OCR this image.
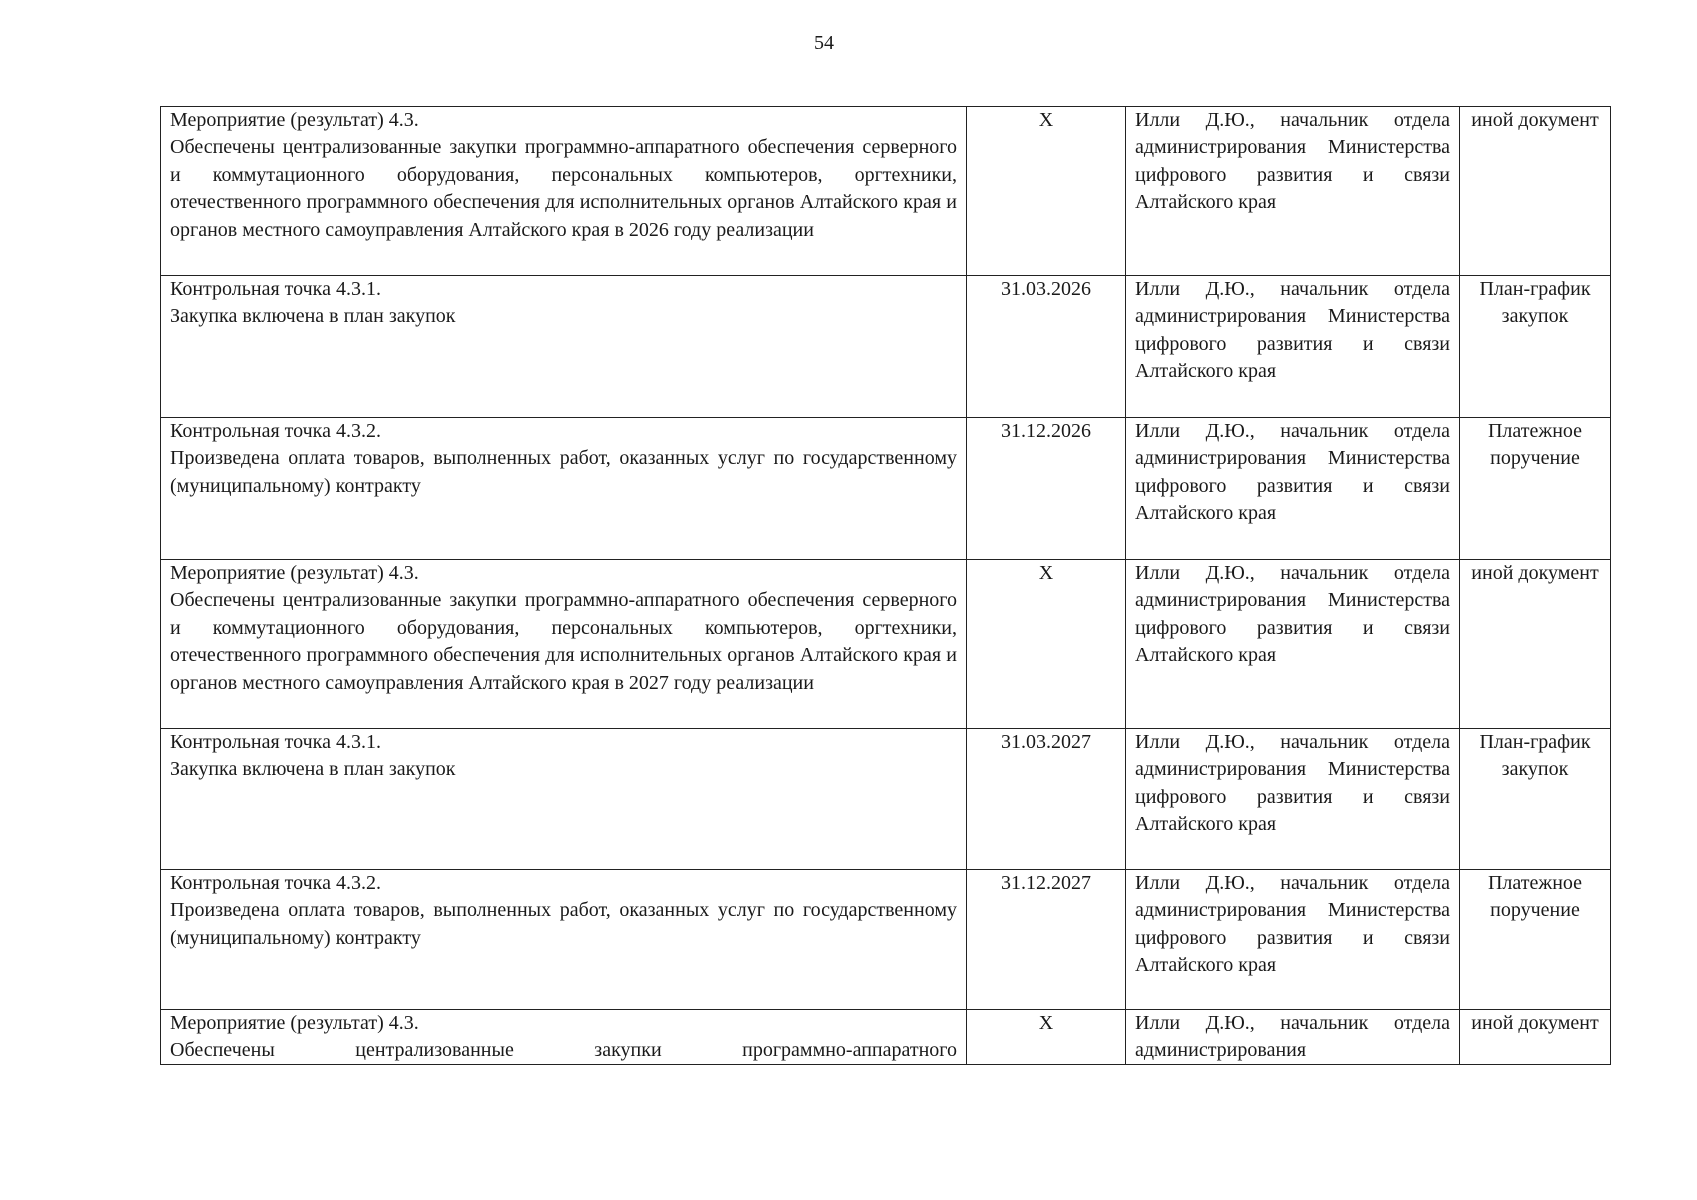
54
Мероприятие (результат) 4.3.
Обеспечены централизованные закупки программно-аппаратного обеспечения серверного и коммутационного оборудования, персональных компьютеров, оргтехники, отечественного программного обеспечения для исполнительных органов Алтайского края и органов местного самоуправления Алтайского края в 2026 году реализации	X	Илли Д.Ю., начальник отдела администрирования Министерства цифрового развития и связи Алтайского края	иной документ

Контрольная точка 4.3.1.
Закупка включена в план закупок	31.03.2026	Илли Д.Ю., начальник отдела администрирования Министерства цифрового развития и связи Алтайского края	План-график закупок

Контрольная точка 4.3.2.
Произведена оплата товаров, выполненных работ, оказанных услуг по государственному (муниципальному) контракту	31.12.2026	Илли Д.Ю., начальник отдела администрирования Министерства цифрового развития и связи Алтайского края	Платежное поручение

Мероприятие (результат) 4.3.
Обеспечены централизованные закупки программно-аппаратного обеспечения серверного и коммутационного оборудования, персональных компьютеров, оргтехники, отечественного программного обеспечения для исполнительных органов Алтайского края и органов местного самоуправления Алтайского края в 2027 году реализации	X	Илли Д.Ю., начальник отдела администрирования Министерства цифрового развития и связи Алтайского края	иной документ

Контрольная точка 4.3.1.
Закупка включена в план закупок	31.03.2027	Илли Д.Ю., начальник отдела администрирования Министерства цифрового развития и связи Алтайского края	План-график закупок

Контрольная точка 4.3.2.
Произведена оплата товаров, выполненных работ, оказанных услуг по государственному (муниципальному) контракту	31.12.2027	Илли Д.Ю., начальник отдела администрирования Министерства цифрового развития и связи Алтайского края	Платежное поручение

Мероприятие (результат) 4.3.
Обеспечены централизованные закупки программно-аппаратного	X	Илли Д.Ю., начальник отдела администрирования	иной документ
